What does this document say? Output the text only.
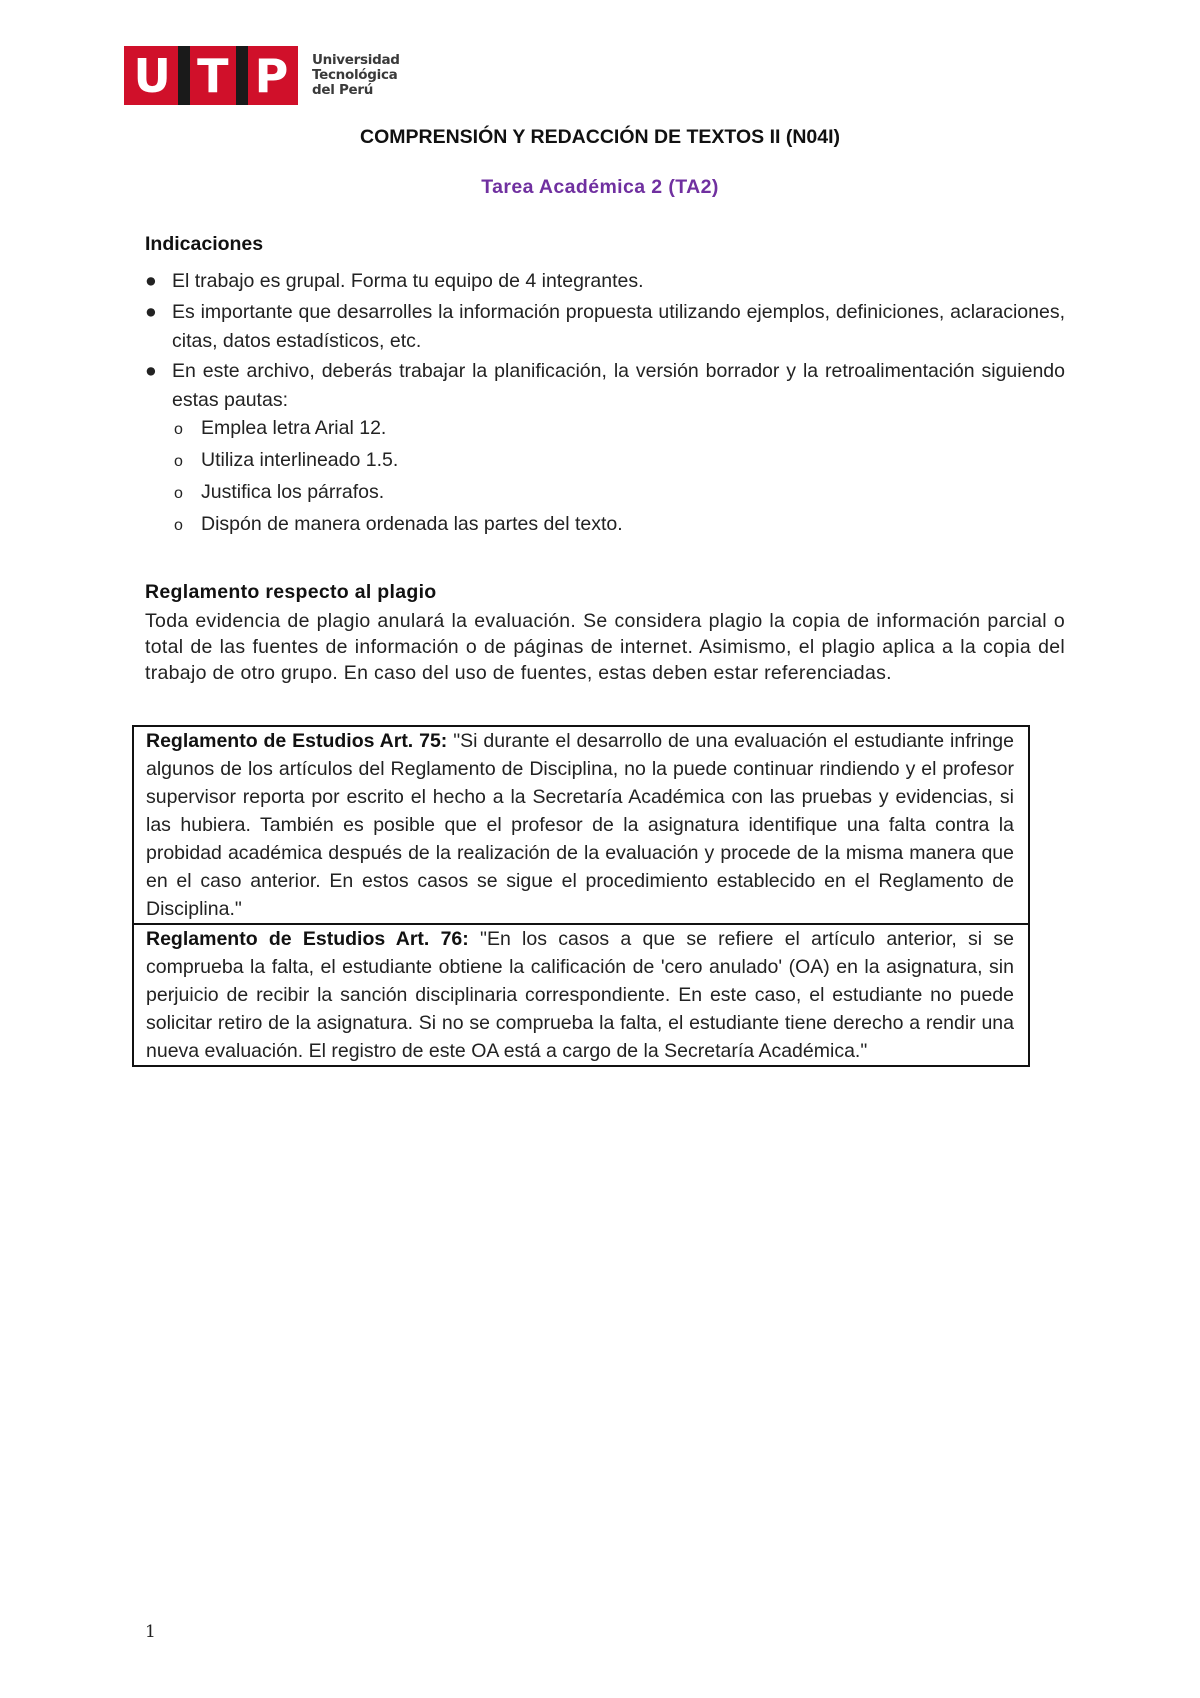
U T P Universidad
Tecnológica
del Perú
COMPRENSIÓN Y REDACCIÓN DE TEXTOS II (N04I)
Tarea Académica 2 (TA2)
Indicaciones
● El trabajo es grupal. Forma tu equipo de 4 integrantes.
● Es importante que desarrolles la información propuesta utilizando ejemplos, definiciones, aclaraciones, citas, datos estadísticos, etc.
● En este archivo, deberás trabajar la planificación, la versión borrador y la retroalimentación siguiendo estas pautas:
o Emplea letra Arial 12.
o Utiliza interlineado 1.5.
o Justifica los párrafos.
o Dispón de manera ordenada las partes del texto.
Reglamento respecto al plagio

Toda evidencia de plagio anulará la evaluación. Se considera plagio la copia de información parcial o total de las fuentes de información o de páginas de internet. Asimismo, el plagio aplica a la copia del trabajo de otro grupo. En caso del uso de fuentes, estas deben estar referenciadas.

Reglamento de Estudios Art. 75: "Si durante el desarrollo de una evaluación el estudiante infringe algunos de los artículos del Reglamento de Disciplina, no la puede continuar rindiendo y el profesor supervisor reporta por escrito el hecho a la Secretaría Académica con las pruebas y evidencias, si las hubiera. También es posible que el profesor de la asignatura identifique una falta contra la probidad académica después de la realización de la evaluación y procede de la misma manera que en el caso anterior. En estos casos se sigue el procedimiento establecido en el Reglamento de Disciplina."
Reglamento de Estudios Art. 76: "En los casos a que se refiere el artículo anterior, si se comprueba la falta, el estudiante obtiene la calificación de 'cero anulado' (OA) en la asignatura, sin perjuicio de recibir la sanción disciplinaria correspondiente. En este caso, el estudiante no puede solicitar retiro de la asignatura. Si no se comprueba la falta, el estudiante tiene derecho a rendir una nueva evaluación. El registro de este OA está a cargo de la Secretaría Académica."
1
